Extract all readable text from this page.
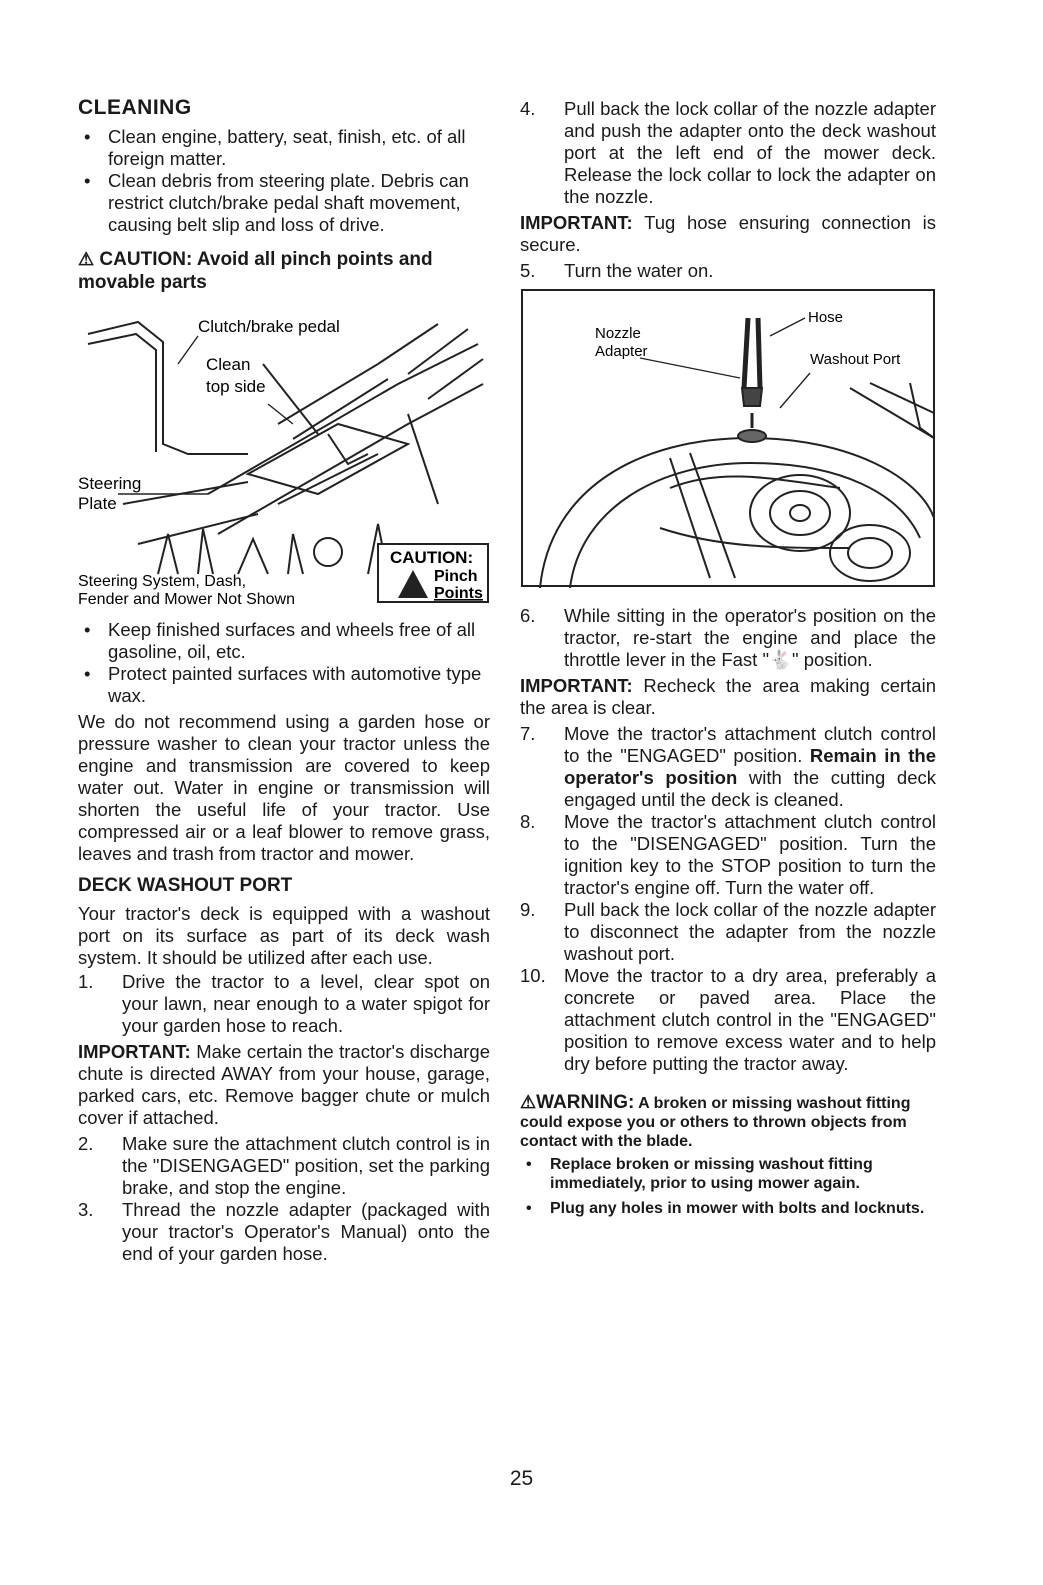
CLEANING
• Clean engine, battery, seat, finish, etc. of all foreign matter.
• Clean debris from steering plate. Debris can restrict clutch/brake pedal shaft movement, causing belt slip and loss of drive.
⚠ CAUTION: Avoid all pinch points and movable parts
Clutch/brake pedal
Clean
top side
Steering
Plate
Steering System, Dash,
Fender and Mower Not Shown
CAUTION:
Pinch
Points
• Keep finished surfaces and wheels free of all gasoline, oil, etc.
• Protect painted surfaces with automotive type wax.

We do not recommend using a garden hose or pressure washer to clean your tractor unless the engine and transmission are covered to keep water out. Water in engine or transmission will shorten the useful life of your tractor. Use compressed air or a leaf blower to remove grass, leaves and trash from tractor and mower.

DECK WASHOUT PORT

Your tractor's deck is equipped with a washout port on its surface as part of its deck wash system. It should be utilized after each use.

1. Drive the tractor to a level, clear spot on your lawn, near enough to a water spigot for your garden hose to reach.

IMPORTANT: Make certain the tractor's discharge chute is directed AWAY from your house, garage, parked cars, etc. Remove bagger chute or mulch cover if attached.

2. Make sure the attachment clutch control is in the "DISENGAGED" position, set the parking brake, and stop the engine.
3. Thread the nozzle adapter (packaged with your tractor's Operator's Manual) onto the end of your garden hose.
4. Pull back the lock collar of the nozzle adapter and push the adapter onto the deck washout port at the left end of the mower deck. Release the lock collar to lock the adapter on the nozzle.

IMPORTANT: Tug hose ensuring connection is secure.

5. Turn the water on.
Nozzle
Adapter
Hose
Washout Port
6. While sitting in the operator's position on the tractor, re-start the engine and place the throttle lever in the Fast "🐇" position.

IMPORTANT: Recheck the area making certain the area is clear.

7. Move the tractor's attachment clutch control to the "ENGAGED" position. Remain in the operator's position with the cutting deck engaged until the deck is cleaned.
8. Move the tractor's attachment clutch control to the "DISENGAGED" position. Turn the ignition key to the STOP position to turn the tractor's engine off. Turn the water off.
9. Pull back the lock collar of the nozzle adapter to disconnect the adapter from the nozzle washout port.
10. Move the tractor to a dry area, preferably a concrete or paved area. Place the attachment clutch control in the "ENGAGED" position to remove excess water and to help dry before putting the tractor away.
⚠WARNING: A broken or missing washout fitting could expose you or others to thrown objects from contact with the blade.
• Replace broken or missing washout fitting immediately, prior to using mower again.
• Plug any holes in mower with bolts and locknuts.
25
